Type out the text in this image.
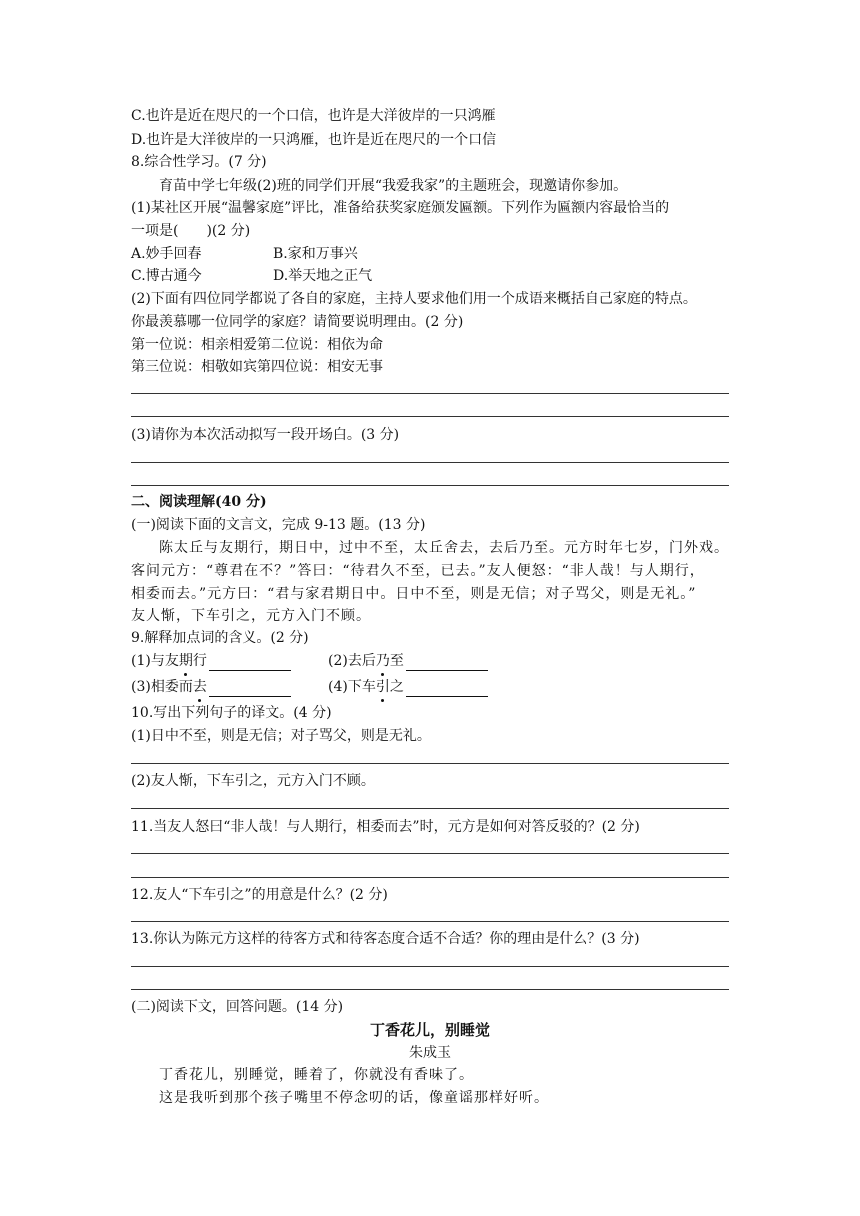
C.也许是近在咫尺的一个口信，也许是大洋彼岸的一只鸿雁
D.也许是大洋彼岸的一只鸿雁，也许是近在咫尺的一个口信
8.综合性学习。(7 分)
育苗中学七年级(2)班的同学们开展“我爱我家”的主题班会，现邀请你参加。
(1)某社区开展“温馨家庭”评比，准备给获奖家庭颁发匾额。下列作为匾额内容最恰当的
一项是(　　)(2 分)
A.妙手回春	B.家和万事兴
C.博古通今	D.举天地之正气
(2)下面有四位同学都说了各自的家庭，主持人要求他们用一个成语来概括自己家庭的特点。
你最羡慕哪一位同学的家庭？请简要说明理由。(2 分)
第一位说：相亲相爱第二位说：相依为命
第三位说：相敬如宾第四位说：相安无事
(3)请你为本次活动拟写一段开场白。(3 分)
二、阅读理解(40 分)
(一)阅读下面的文言文，完成 9-13 题。(13 分)
陈太丘与友期行，期日中，过中不至，太丘舍去，去后乃至。元方时年七岁，门外戏。
客问元方：“尊君在不？”答曰：“待君久不至，已去。”友人便怒：“非人哉！与人期行，
相委而去。”元方曰：“君与家君期日中。日中不至，则是无信；对子骂父，则是无礼。”
友人惭，下车引之，元方入门不顾。
9.解释加点词的含义。(2 分)
(1)与友期行	(2)去后乃至
(3)相委而去	(4)下车引之
10.写出下列句子的译文。(4 分)
(1)日中不至，则是无信；对子骂父，则是无礼。
(2)友人惭，下车引之，元方入门不顾。
11.当友人怒曰“非人哉！与人期行，相委而去”时，元方是如何对答反驳的？(2 分)
12.友人“下车引之”的用意是什么？(2 分)
13.你认为陈元方这样的待客方式和待客态度合适不合适？你的理由是什么？(3 分)
(二)阅读下文，回答问题。(14 分)
丁香花儿，别睡觉
朱成玉
丁香花儿，别睡觉，睡着了，你就没有香味了。
这是我听到那个孩子嘴里不停念叨的话，像童谣那样好听。
